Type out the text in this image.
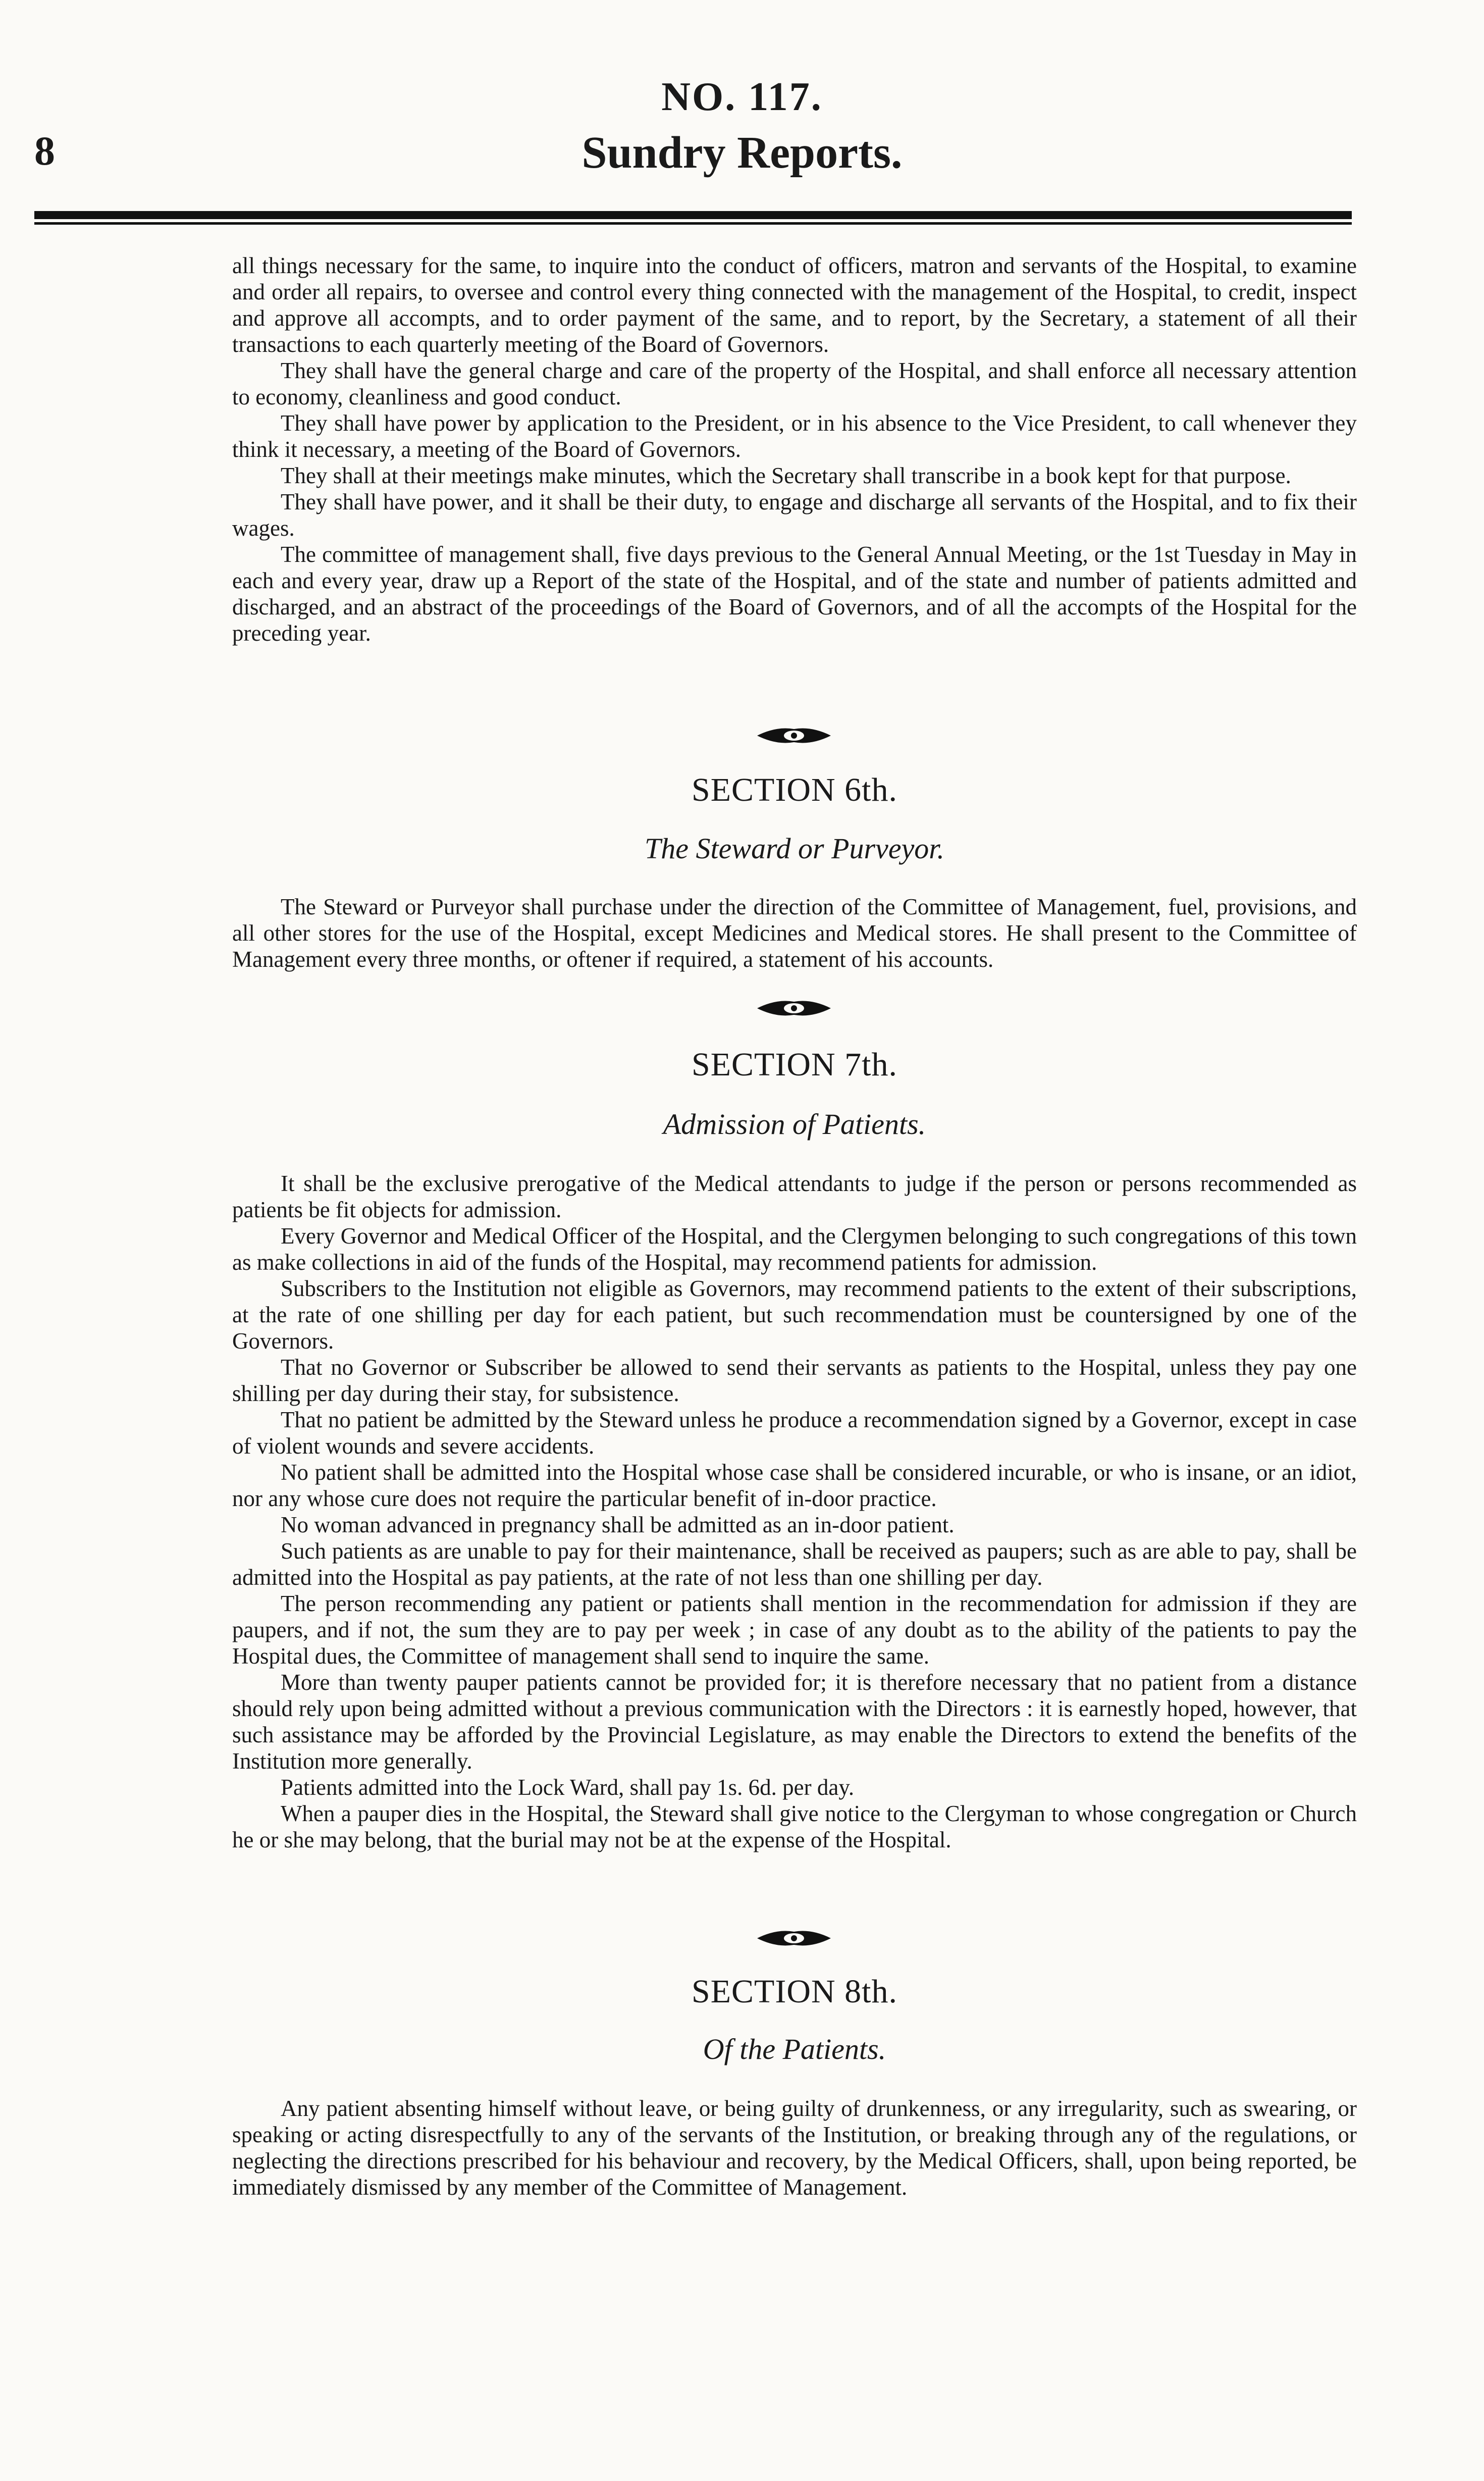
8
NO. 117.
Sundry Reports.

all things necessary for the same, to inquire into the conduct of officers, matron and servants of the Hospital, to examine and order all repairs, to oversee and control every thing connected with the management of the Hospital, to credit, inspect and approve all accompts, and to order payment of the same, and to report, by the Secretary, a statement of all their transactions to each quarterly meeting of the Board of Governors.

They shall have the general charge and care of the property of the Hospital, and shall enforce all necessary attention to economy, cleanliness and good conduct.

They shall have power by application to the President, or in his absence to the Vice President, to call whenever they think it necessary, a meeting of the Board of Governors.

They shall at their meetings make minutes, which the Secretary shall transcribe in a book kept for that purpose.

They shall have power, and it shall be their duty, to engage and discharge all servants of the Hospital, and to fix their wages.

The committee of management shall, five days previous to the General Annual Meeting, or the 1st Tuesday in May in each and every year, draw up a Report of the state of the Hospital, and of the state and number of patients admitted and discharged, and an abstract of the proceedings of the Board of Governors, and of all the accompts of the Hospital for the preceding year.

SECTION 6th.
The Steward or Purveyor.

The Steward or Purveyor shall purchase under the direction of the Committee of Management, fuel, provisions, and all other stores for the use of the Hospital, except Medicines and Medical stores. He shall present to the Committee of Management every three months, or oftener if required, a statement of his accounts.

SECTION 7th.
Admission of Patients.

It shall be the exclusive prerogative of the Medical attendants to judge if the person or persons recommended as patients be fit objects for admission.

Every Governor and Medical Officer of the Hospital, and the Clergymen belonging to such congregations of this town as make collections in aid of the funds of the Hospital, may recommend patients for admission.

Subscribers to the Institution not eligible as Governors, may recommend patients to the extent of their subscriptions, at the rate of one shilling per day for each patient, but such recommendation must be countersigned by one of the Governors.

That no Governor or Subscriber be allowed to send their servants as patients to the Hospital, unless they pay one shilling per day during their stay, for subsistence.

That no patient be admitted by the Steward unless he produce a recommendation signed by a Governor, except in case of violent wounds and severe accidents.

No patient shall be admitted into the Hospital whose case shall be considered incurable, or who is insane, or an idiot, nor any whose cure does not require the particular benefit of in-door practice.

No woman advanced in pregnancy shall be admitted as an in-door patient.

Such patients as are unable to pay for their maintenance, shall be received as paupers; such as are able to pay, shall be admitted into the Hospital as pay patients, at the rate of not less than one shilling per day.

The person recommending any patient or patients shall mention in the recommendation for admission if they are paupers, and if not, the sum they are to pay per week ; in case of any doubt as to the ability of the patients to pay the Hospital dues, the Committee of management shall send to inquire the same.

More than twenty pauper patients cannot be provided for; it is therefore necessary that no patient from a distance should rely upon being admitted without a previous communication with the Directors : it is earnestly hoped, however, that such assistance may be afforded by the Provincial Legislature, as may enable the Directors to extend the benefits of the Institution more generally.

Patients admitted into the Lock Ward, shall pay 1s. 6d. per day.

When a pauper dies in the Hospital, the Steward shall give notice to the Clergyman to whose congregation or Church he or she may belong, that the burial may not be at the expense of the Hospital.

SECTION 8th.
Of the Patients.

Any patient absenting himself without leave, or being guilty of drunkenness, or any irregularity, such as swearing, or speaking or acting disrespectfully to any of the servants of the Institution, or breaking through any of the regulations, or neglecting the directions prescribed for his behaviour and recovery, by the Medical Officers, shall, upon being reported, be immediately dismissed by any member of the Committee of Management.
